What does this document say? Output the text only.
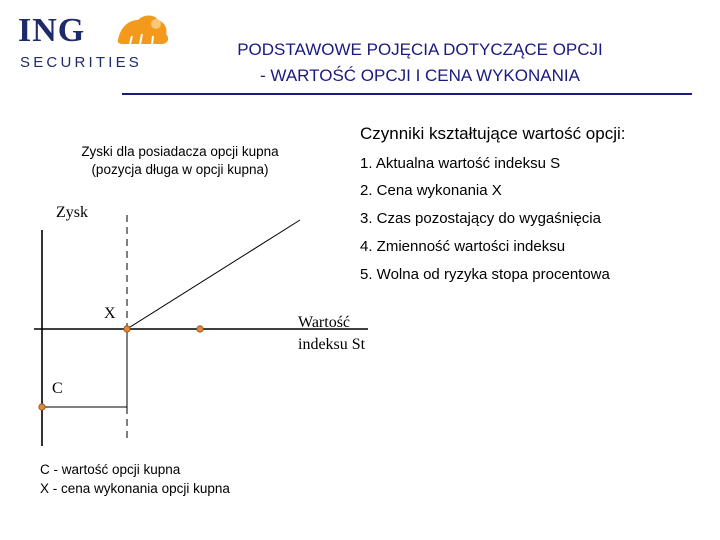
ING
SECURITIES
PODSTAWOWE POJĘCIA DOTYCZĄCE OPCJI
- WARTOŚĆ OPCJI I CENA WYKONANIA
Zyski dla posiadacza opcji kupna
(pozycja długa w opcji kupna)
Zysk
X
C
Wartość
indeksu St
C - wartość opcji kupna
X - cena wykonania opcji kupna
Czynniki kształtujące wartość opcji:
1. Aktualna wartość indeksu S
2. Cena wykonania X
3. Czas pozostający do wygaśnięcia
4. Zmienność wartości indeksu
5. Wolna od ryzyka stopa procentowa
